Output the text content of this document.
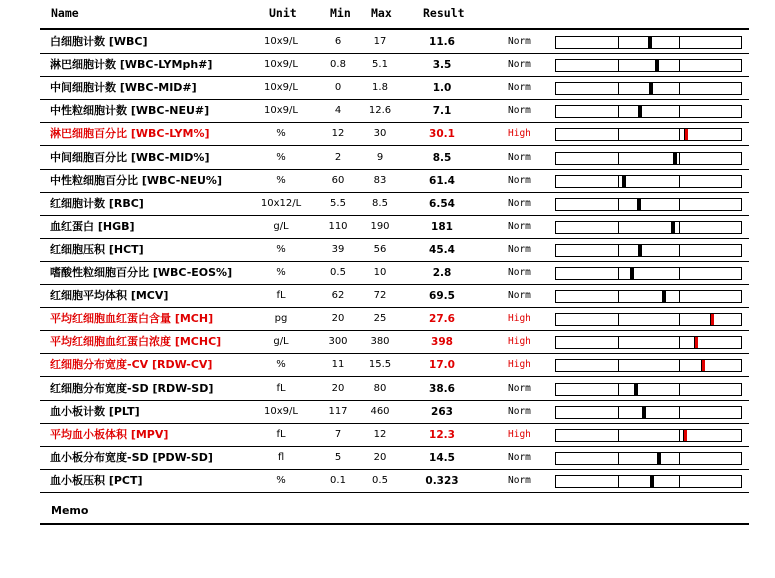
Name	Unit	Min Max	Result
白细胞计数 [WBC]	10x9/L	6	17	11.6	Norm
淋巴细胞计数 [WBC-LYMph#]	10x9/L	0.8	5.1	3.5	Norm
中间细胞计数 [WBC-MID#]	10x9/L	0	1.8	1.0	Norm
中性粒细胞计数 [WBC-NEU#]	10x9/L	4	12.6	7.1	Norm
淋巴细胞百分比 [WBC-LYM%]	%	12	30	30.1	High
中间细胞百分比 [WBC-MID%]	%	2	9	8.5	Norm
中性粒细胞百分比 [WBC-NEU%]	%	60	83	61.4	Norm
红细胞计数 [RBC]	10x12/L	5.5	8.5	6.54	Norm
血红蛋白 [HGB]	g/L	110	190	181	Norm
红细胞压积 [HCT]	%	39	56	45.4	Norm
嗜酸性粒细胞百分比 [WBC-EOS%]	%	0.5	10	2.8	Norm
红细胞平均体积 [MCV]	fL	62	72	69.5	Norm
平均红细胞血红蛋白含量 [MCH]	pg	20	25	27.6	High
平均红细胞血红蛋白浓度 [MCHC]	g/L	300	380	398	High
红细胞分布宽度-CV [RDW-CV]	%	11	15.5	17.0	High
红细胞分布宽度-SD [RDW-SD]	fL	20	80	38.6	Norm
血小板计数 [PLT]	10x9/L	117	460	263	Norm
平均血小板体积 [MPV]	fL	7	12	12.3	High
血小板分布宽度-SD [PDW-SD]	fl	5	20	14.5	Norm
血小板压积 [PCT]	%	0.1	0.5	0.323	Norm
Memo
